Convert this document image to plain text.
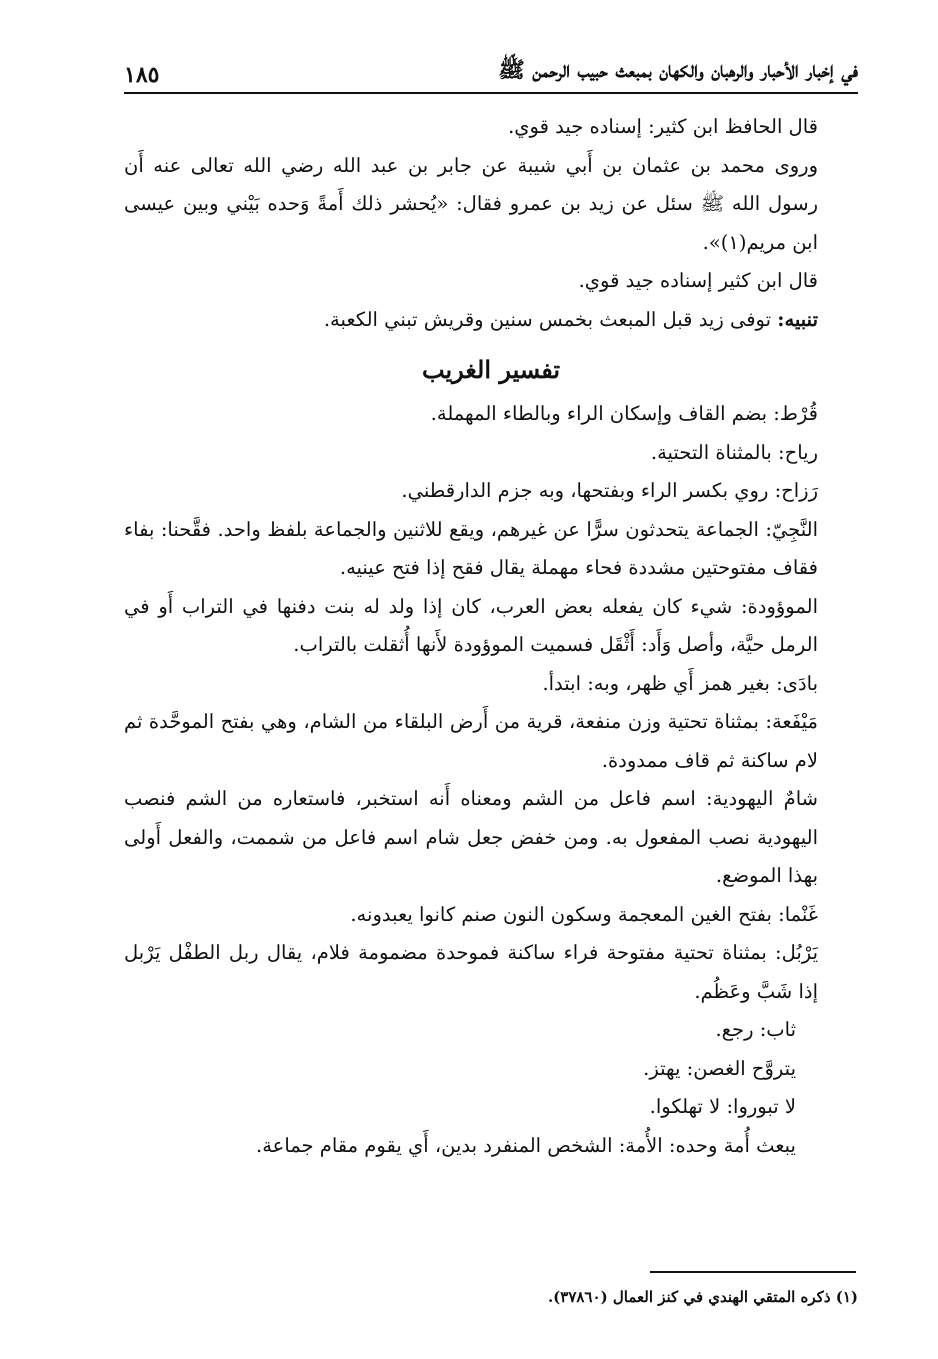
في إخبار الأحبار والرهبان والكهان بمبعث حبيب الرحمن ﷺ
١٨٥

قال الحافظ ابن كثير: إسناده جيد قوي.

وروى محمد بن عثمان بن أَبي شيبة عن جابر بن عبد الله رضي الله تعالى عنه أَن رسول الله ﷺ سئل عن زيد بن عمرو فقال: «يُحشر ذلك أَمةً وَحده بَيْني وبين عيسى ابن مريم(١)».

قال ابن كثير إسناده جيد قوي.

تنبيه: توفى زيد قبل المبعث بخمس سنين وقريش تبني الكعبة.

تفسير الغريب

قُرْط: بضم القاف وإسكان الراء وبالطاء المهملة.

رياح: بالمثناة التحتية.

رَزاح: روي بكسر الراء وبفتحها، وبه جزم الدارقطني.

النَّجِيّ: الجماعة يتحدثون سرًّا عن غيرهم، ويقع للاثنين والجماعة بلفظ واحد. فقَّحنا: بفاء فقاف مفتوحتين مشددة فحاء مهملة يقال فقح إذا فتح عينيه.

الموؤودة: شيء كان يفعله بعض العرب، كان إذا ولد له بنت دفنها في التراب أَو في الرمل حيَّة، وأصل وَأَد: أَثْقَل فسميت الموؤودة لأَنها أُثقلت بالتراب.

بادَى: بغير همز أَي ظهر، وبه: ابتدأ.

مَيْفَعة: بمثناة تحتية وزن منفعة، قرية من أَرض البلقاء من الشام، وهي بفتح الموحَّدة ثم لام ساكنة ثم قاف ممدودة.

شامٌ اليهودية: اسم فاعل من الشم ومعناه أَنه استخبر، فاستعاره من الشم فنصب اليهودية نصب المفعول به. ومن خفض جعل شام اسم فاعل من شممت، والفعل أَولى بهذا الموضع.

غَنْما: بفتح الغين المعجمة وسكون النون صنم كانوا يعبدونه.

يَرْبُل: بمثناة تحتية مفتوحة فراء ساكنة فموحدة مضمومة فلام، يقال ربل الطفْل يَرْبل إذا شَبَّ وعَظُم.

ثاب: رجع.

يتروَّح الغصن: يهتز.

لا تبوروا: لا تهلكوا.

يبعث أُمة وحده: الأُمة: الشخص المنفرد بدين، أَي يقوم مقام جماعة.

(١) ذكره المتقي الهندي في كنز العمال (٣٧٨٦٠).
